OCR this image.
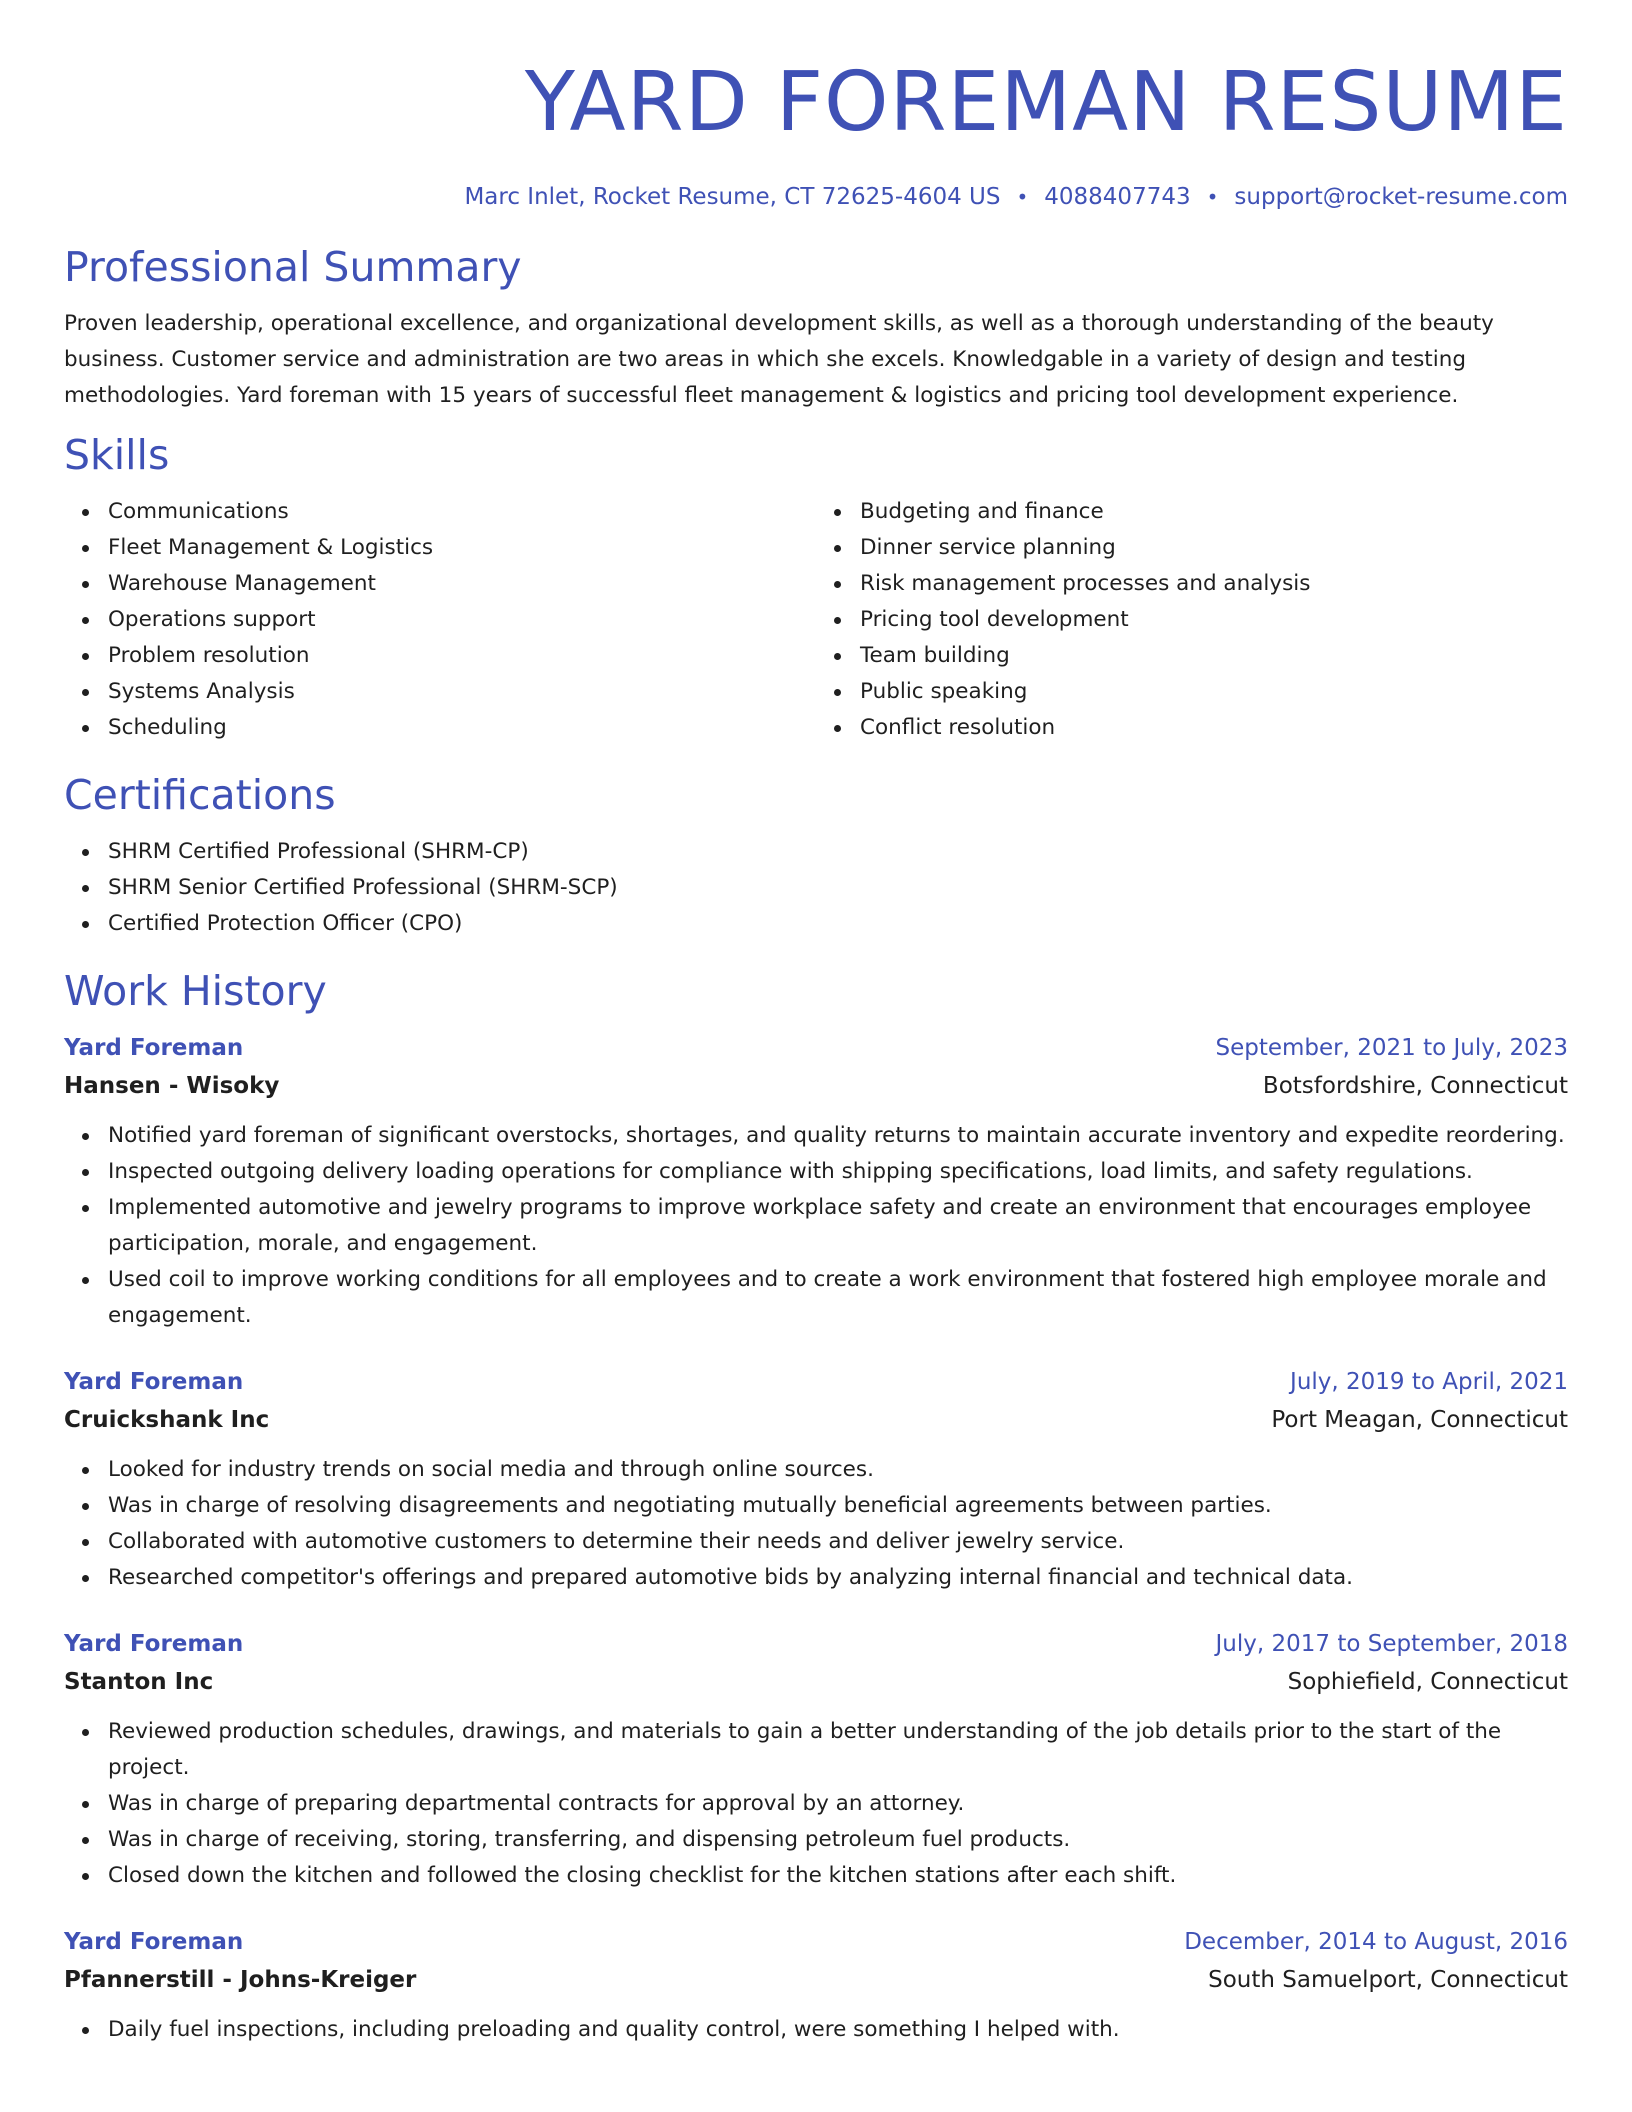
YARD FOREMAN RESUME
Marc Inlet, Rocket Resume, CT 72625-4604 US • 4088407743 • support@rocket-resume.com
Professional Summary

Proven leadership, operational excellence, and organizational development skills, as well as a thorough understanding of the beauty business. Customer service and administration are two areas in which she excels. Knowledgable in a variety of design and testing methodologies. Yard foreman with 15 years of successful fleet management & logistics and pricing tool development experience.

Skills
Communications
Fleet Management & Logistics
Warehouse Management
Operations support
Problem resolution
Systems Analysis
Scheduling
Budgeting and finance
Dinner service planning
Risk management processes and analysis
Pricing tool development
Team building
Public speaking
Conflict resolution
Certifications
SHRM Certified Professional (SHRM-CP)
SHRM Senior Certified Professional (SHRM-SCP)
Certified Protection Officer (CPO)
Work History
Yard Foreman	September, 2021 to July, 2023
Hansen - Wisoky	Botsfordshire, Connecticut
Notified yard foreman of significant overstocks, shortages, and quality returns to maintain accurate inventory and expedite reordering.
Inspected outgoing delivery loading operations for compliance with shipping specifications, load limits, and safety regulations.
Implemented automotive and jewelry programs to improve workplace safety and create an environment that encourages employee participation, morale, and engagement.
Used coil to improve working conditions for all employees and to create a work environment that fostered high employee morale and engagement.
Yard Foreman	July, 2019 to April, 2021
Cruickshank Inc	Port Meagan, Connecticut
Looked for industry trends on social media and through online sources.
Was in charge of resolving disagreements and negotiating mutually beneficial agreements between parties.
Collaborated with automotive customers to determine their needs and deliver jewelry service.
Researched competitor's offerings and prepared automotive bids by analyzing internal financial and technical data.
Yard Foreman	July, 2017 to September, 2018
Stanton Inc	Sophiefield, Connecticut
Reviewed production schedules, drawings, and materials to gain a better understanding of the job details prior to the start of the project.
Was in charge of preparing departmental contracts for approval by an attorney.
Was in charge of receiving, storing, transferring, and dispensing petroleum fuel products.
Closed down the kitchen and followed the closing checklist for the kitchen stations after each shift.
Yard Foreman	December, 2014 to August, 2016
Pfannerstill - Johns-Kreiger	South Samuelport, Connecticut
Daily fuel inspections, including preloading and quality control, were something I helped with.
